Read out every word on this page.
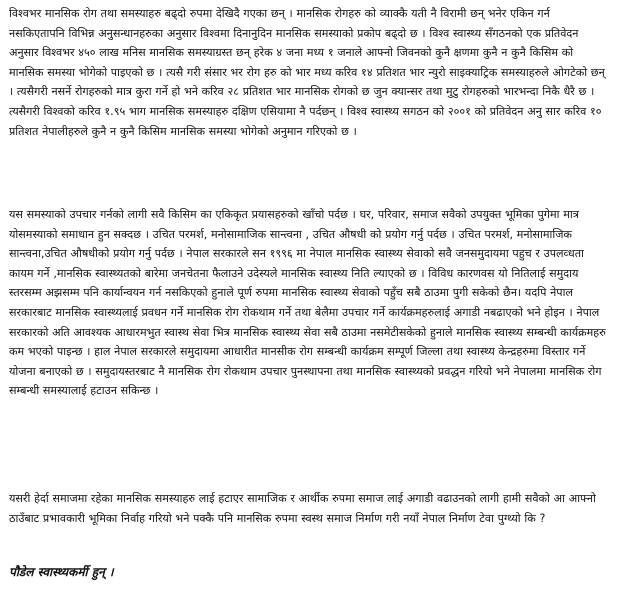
विश्वभर मानसिक रोग तथा समस्याहरु बढ्दो रुपमा देखिदै गएका छन् । मानसिक रोगहरु को व्याक्कै यती नै विरामी छन् भनेर एकिन गर्न नसकिएतापनि विभिन्न अनुसन्धानहरुका अनुसार विश्वमा दिनानुदिन मानसिक समस्याको प्रकोप बढ्दो छ । विश्व स्वास्थ्य सँगठनको एक प्रतिवेदन अनुसार विश्वभर ४५० लाख मनिस मानसिक समस्याग्रस्त छन् हरेक ४ जना मध्य १ जनाले आफ्नो जिवनको कुनै क्षणमा कुनै न कुनै किसिम को मानसिक समस्या भोगेको पाइएको छ । त्यसै गरी संसार भर रोग हरु को भार मध्य करिव १४ प्रतिशत भार न्युरो साइक्याट्रिक समस्याहरुले ओगटेको छन् । त्यसैगरी नसर्ने रोगहरुको मात्र कुरा गर्ने हो भने करिव २८ प्रतिशत भार मानसिक रोगको छ जुन क्यान्सर तथा मुटु रोगहरुको भारभन्दा निकै धैरै छ । त्यसैगरी विश्वको करिव १.९५ भाग मानसिक समस्याहरु दक्षिण एसियामा नै पर्दछन् । विश्व स्वास्थ्य सगठन को २००१ को प्रतिवेदन अनु सार करिव १० प्रतिशत नेपालीहरुले कुनै न कुनै किसिम मानसिक समस्या भोगेको अनुमान गरिएको छ ।

यस समस्याको उपचार गर्नको लागी सवै किसिम का एकिकृत प्रयासहरुको खाँचो पर्दछ । घर, परिवार, समाज सवैको उपयुक्त भूमिका पुगेमा मात्र योसमस्याको समाधान हुन सक्दछ । उचित परमर्श, मनोसामाजिक सान्त्वना , उचित औषधी को प्रयोग गर्नु पर्दछ । उचित परमर्श, मनोसामाजिक सान्त्वना,उचित औषधीको प्रयोग गर्नु पर्दछ । नेपाल सरकारले सन १९९६ मा नेपाल मानसिक स्वास्थ्य सेवाको सवै जनसमुदायमा पहुच र उपलव्धता कायम गर्ने ,मानसिक स्वास्थ्यतको बारेमा जनचेतना फैलाउने उदेस्यले मानसिक स्वास्थ्य निति ल्याएको छ । विविध कारणवस यो नितिलाई समुदाय स्तरसम्म अझसम्म पनि कार्यान्वयन गर्न नसकिएको हुनाले पूर्ण रुपमा मानसिक स्वास्थ्य सेवाको पहुँच सबै ठाउमा पुगी सकेको छैन। यदपि नेपाल सरकारबाट मानसिक स्वास्थ्यलाई प्रवधन गर्ने मानसिक रोग रोकथाम गर्ने तथा बेलैमा उपचार गर्ने कार्यक्रमहरुलाई अगाडी नबढाएको भने होइन । नेपाल सरकारको अति आवश्यक आधारमभुत स्वास्थ सेवा भित्र मानसिक स्वास्थ्य सेवा सबै ठाउमा नसमेटीसकेको हुनाले मानसिक स्वास्थ्य सम्बन्धी कार्यक्रमहरु कम भएको पाइन्छ । हाल नेपाल सरकारले समुदायमा आधारीत मानसीक रोग सम्बन्धी कार्यक्रम सम्पूर्ण जिल्ला तथा स्वास्थ्य केन्द्रहरुमा विस्तार गर्ने योजना बनाएको छ । समुदायस्तरबाट नै मानसिक रोग रोकथाम उपचार पुनस्थापना तथा मानसिक स्वास्थ्यको प्रवद्धन गरियो भने नेपालमा मानसिक रोग सम्बन्धी समस्यालाई हटाउन सकिन्छ ।

यसरी हेर्दा समाजमा रहेका मानसिक समस्याहरु लाई हटाएर सामाजिक र आर्थीक रुपमा समाज लाई अगाडी वढाउनको लागी हामी सवैको आ आफ्नो ठाउँबाट प्रभावकारी भूमिका निर्वाह गरियो भने पक्कै पनि मानसिक रुपमा स्वस्थ समाज निर्माण गरी नयाँ नेपाल निर्माण टेवा पुग्थ्यो कि ?

पौडेल स्वास्थ्यकर्मी हुन् ।
